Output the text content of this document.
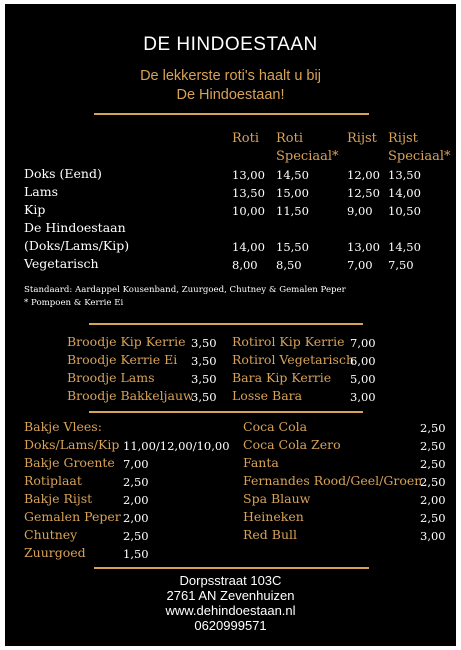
DE HINDOESTAAN
De lekkerste roti's haalt u bij
De Hindoestaan!
Roti Roti
Speciaal*
Rijst Rijst
Speciaal*
Doks (Eend)	13,00 14,50	12,00 13,50
Lams	13,50 15,00	12,50 14,00
Kip	10,00 11,50	9,00 10,50
De Hindoestaan
(Doks/Lams/Kip)	14,00 15,50	13,00 14,50
Vegetarisch	8,00 8,50	7,00 7,50
Standaard: Aardappel Kousenband, Zuurgoed, Chutney & Gemalen Peper
* Pompoen & Kerrie Ei
Broodje Kip Kerrie 3,50
Broodje Kerrie Ei 3,50
Broodje Lams	3,50
Broodje Bakkeljauw
3,50
Rotirol Kip Kerrie 7,00
Rotirol Vegetarisch
6,00
Bara Kip Kerrie 5,00
Losse Bara	3,00
Bakje Vlees:
Doks/Lams/Kip 11,00/12,00/10,00
Bakje Groente 7,00
Rotiplaat	2,50
Bakje Rijst	2,00
Gemalen Peper 2,00
Chutney	2,50
Zuurgoed	1,50
Coca Cola	2,50
Coca Cola Zero	2,50
Fanta	2,50
Fernandes Rood/Geel/Groen
2,50
Spa Blauw	2,00
Heineken	2,50
Red Bull	3,00
Dorpsstraat 103C
2761 AN Zevenhuizen
www.dehindoestaan.nl
0620999571
